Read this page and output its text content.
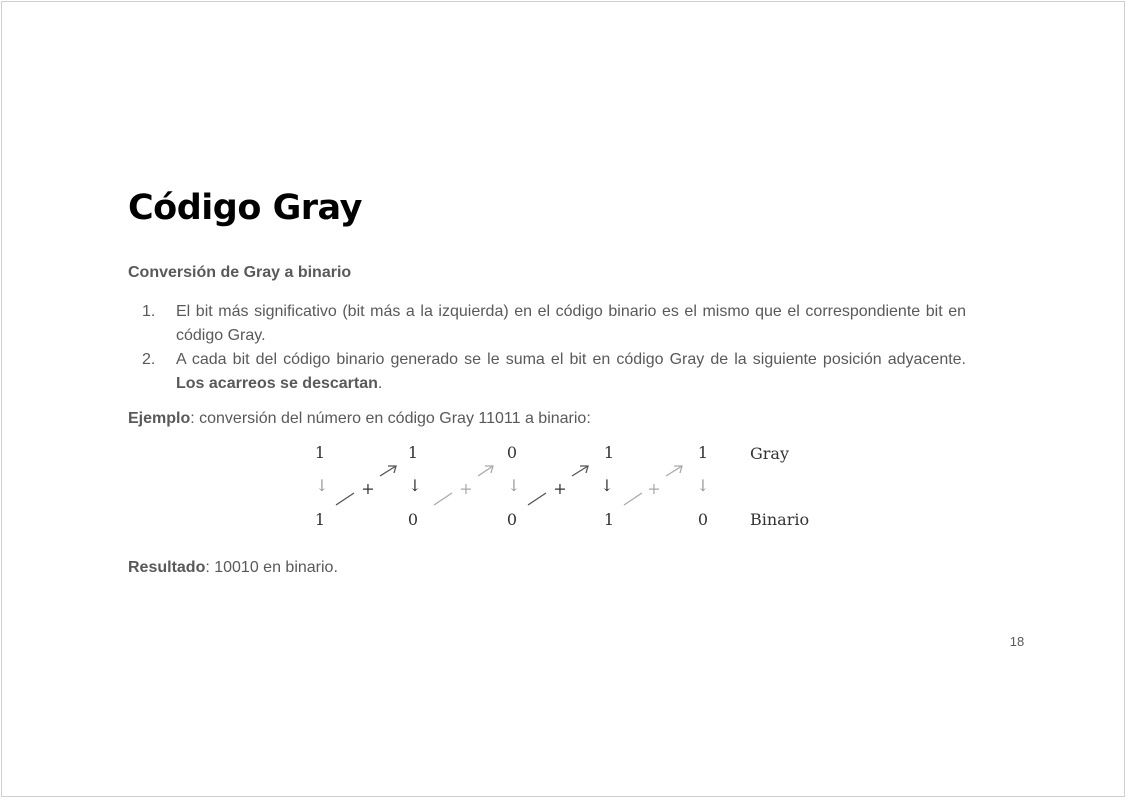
Código Gray

Conversión de Gray a binario

1. El bit más significativo (bit más a la izquierda) en el código binario es el mismo que el correspondiente bit en código Gray.
2. A cada bit del código binario generado se le suma el bit en código Gray de la siguiente posición adyacente. Los acarreos se descartan.

Ejemplo: conversión del número en código Gray 11011 a binario:

1	1	0	1	1	Gray
↓	↓	↓	↓	↓
+	+	+	+
1	0	0	1	0	Binario

Resultado: 10010 en binario.

18
